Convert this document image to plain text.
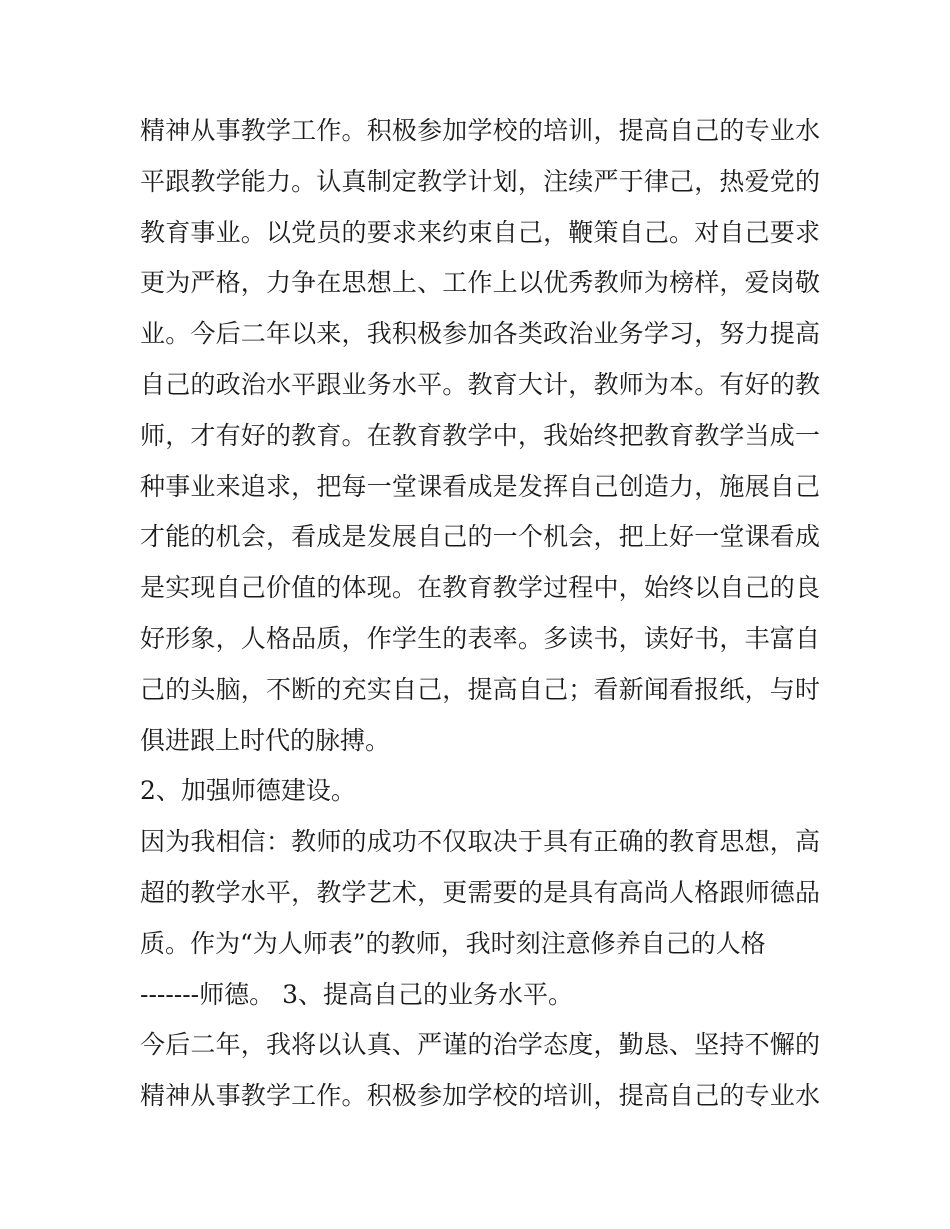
精神从事教学工作。积极参加学校的培训，提高自己的专业水
平跟教学能力。认真制定教学计划，注续严于律己，热爱党的
教育事业。以党员的要求来约束自己，鞭策自己。对自己要求
更为严格，力争在思想上、工作上以优秀教师为榜样，爱岗敬
业。今后二年以来，我积极参加各类政治业务学习，努力提高
自己的政治水平跟业务水平。教育大计，教师为本。有好的教
师，才有好的教育。在教育教学中，我始终把教育教学当成一
种事业来追求，把每一堂课看成是发挥自己创造力，施展自己
才能的机会，看成是发展自己的一个机会，把上好一堂课看成
是实现自己价值的体现。在教育教学过程中，始终以自己的良
好形象，人格品质，作学生的表率。多读书，读好书，丰富自
己的头脑，不断的充实自己，提高自己；看新闻看报纸，与时
俱进跟上时代的脉搏。
2、加强师德建设。
因为我相信：教师的成功不仅取决于具有正确的教育思想，高
超的教学水平，教学艺术，更需要的是具有高尚人格跟师德品
质。作为“为人师表”的教师，我时刻注意修养自己的人格
-------师德。 3、提高自己的业务水平。
今后二年，我将以认真、严谨的治学态度，勤恳、坚持不懈的
精神从事教学工作。积极参加学校的培训，提高自己的专业水
